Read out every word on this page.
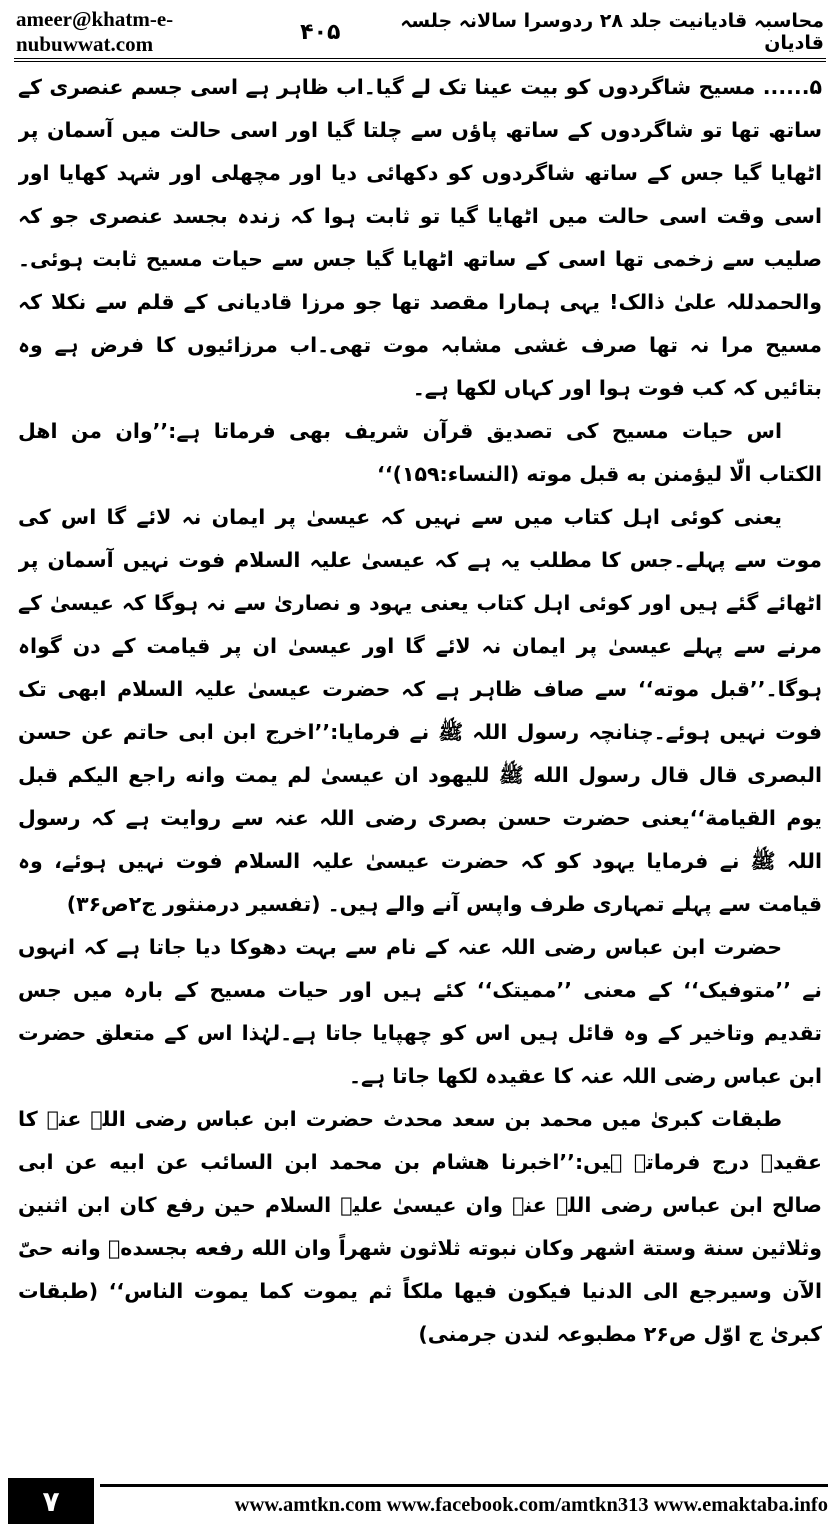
ameer@khatm-e-nubuwwat.com
محاسبہ قادیانیت جلد ۲۸ ردوسرا سالانہ جلسہ قادیان
۴۰۵

۵...... مسیح شاگردوں کو بیت عینا تک لے گیا۔اب ظاہر ہے اسی جسم عنصری کے ساتھ تھا تو شاگردوں کے ساتھ پاؤں سے چلتا گیا اور اسی حالت میں آسمان پر اٹھایا گیا جس کے ساتھ شاگردوں کو دکھائی دیا اور مچھلی اور شہد کھایا اور اسی وقت اسی حالت میں اٹھایا گیا تو ثابت ہوا کہ زندہ بجسد عنصری جو کہ صلیب سے زخمی تھا اسی کے ساتھ اٹھایا گیا جس سے حیات مسیح ثابت ہوئی۔ والحمدللہ علیٰ ذالک! یہی ہمارا مقصد تھا جو مرزا قادیانی کے قلم سے نکلا کہ مسیح مرا نہ تھا صرف غشی مشابہ موت تھی۔اب مرزائیوں کا فرض ہے وہ بتائیں کہ کب فوت ہوا اور کہاں لکھا ہے۔

اس حیات مسیح کی تصدیق قرآن شریف بھی فرماتا ہے:’’وان من اھل الکتاب الّا لیؤمنن به قبل موته (النساء:۱۵۹)‘‘

یعنی کوئی اہل کتاب میں سے نہیں کہ عیسیٰ پر ایمان نہ لائے گا اس کی موت سے پہلے۔جس کا مطلب یہ ہے کہ عیسیٰ علیہ السلام فوت نہیں آسمان پر اٹھائے گئے ہیں اور کوئی اہل کتاب یعنی یہود و نصاریٰ سے نہ ہوگا کہ عیسیٰ کے مرنے سے پہلے عیسیٰ پر ایمان نہ لائے گا اور عیسیٰ ان پر قیامت کے دن گواہ ہوگا۔’’قبل موته‘‘ سے صاف ظاہر ہے کہ حضرت عیسیٰ علیہ السلام ابھی تک فوت نہیں ہوئے۔چنانچہ رسول اللہ ﷺ نے فرمایا:’’اخرج ابن ابی حاتم عن حسن البصری قال قال رسول الله ﷺ للیهود ان عیسیٰ لم یمت وانه راجع الیکم قبل یوم القیامة‘‘یعنی حضرت حسن بصری رضی اللہ عنہ سے روایت ہے کہ رسول اللہ ﷺ نے فرمایا یہود کو کہ حضرت عیسیٰ علیہ السلام فوت نہیں ہوئے، وہ قیامت سے پہلے تمہاری طرف واپس آنے والے ہیں۔ (تفسیر درمنثور ج۲ص۳۶)

حضرت ابن عباس رضی اللہ عنہ کے نام سے بہت دھوکا دیا جاتا ہے کہ انہوں نے ’’متوفیک‘‘ کے معنی ’’ممیتک‘‘ کئے ہیں اور حیات مسیح کے بارہ میں جس تقدیم وتاخیر کے وہ قائل ہیں اس کو چھپایا جاتا ہے۔لہٰذا اس کے متعلق حضرت ابن عباس رضی اللہ عنہ کا عقیدہ لکھا جاتا ہے۔

طبقات کبریٰ میں محمد بن سعد محدث حضرت ابن عباس رضی اللہ عنہ کا عقیدہ درج فرماتے ہیں:’’اخبرنا هشام بن محمد ابن السائب عن ابیه عن ابی صالح ابن عباس رضی اللہ عنہ وان عیسیٰ علیہ السلام حین رفع کان ابن اثنین وثلاثین سنة وستة اشهر وکان نبوته ثلاثون شهراً وان الله رفعه بجسدهٖ وانه حیّ الآن وسیرجع الی الدنیا فیکون فیها ملکاً ثم یموت کما یموت الناس‘‘ (طبقات کبریٰ ج اوّل ص۲۶ مطبوعہ لندن جرمنی)

۷	www.amtkn.com www.facebook.com/amtkn313 www.emaktaba.info
